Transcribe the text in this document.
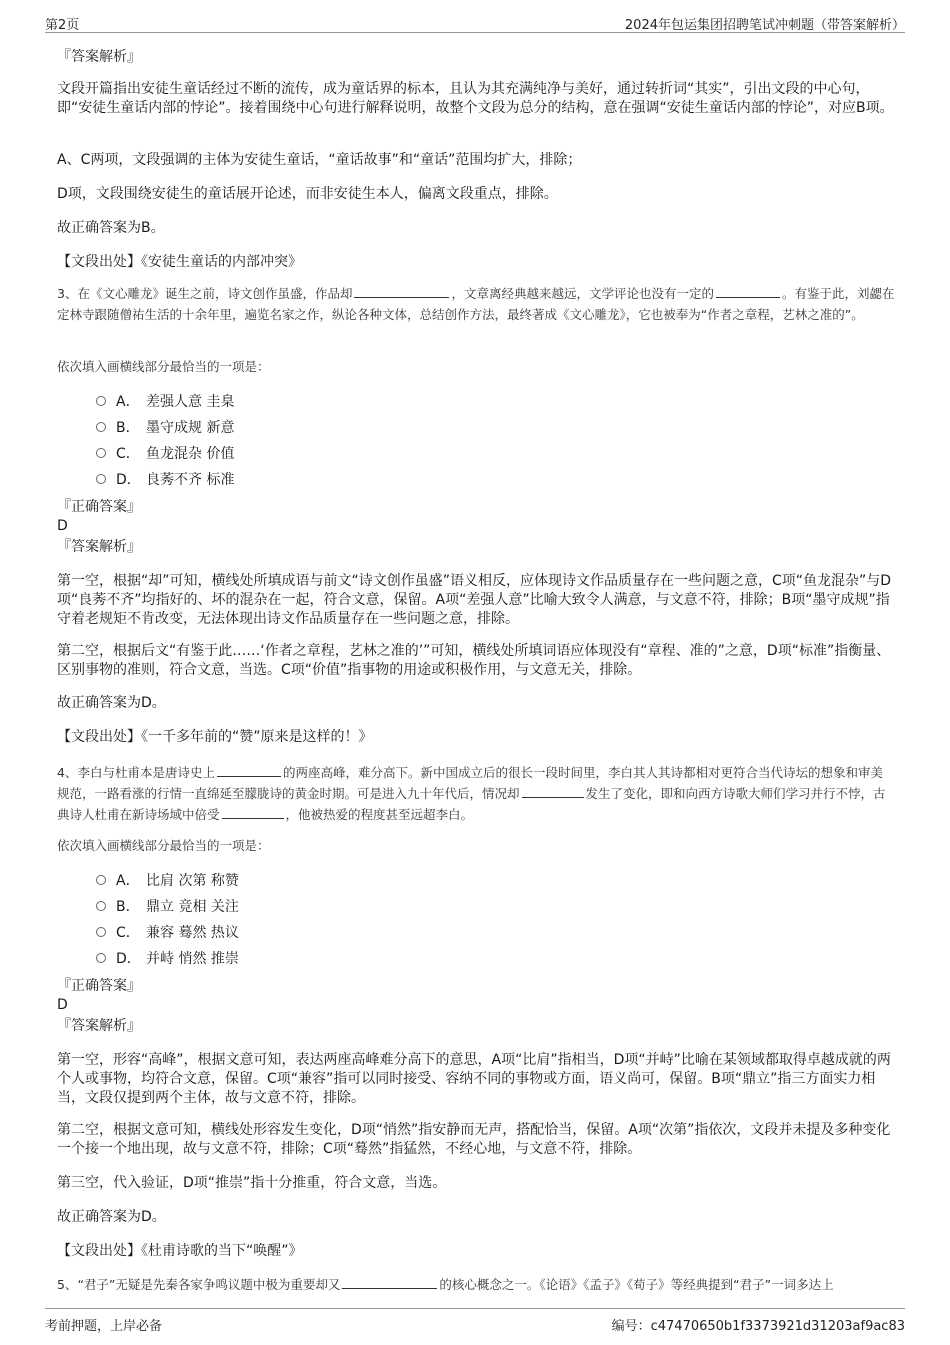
第2页	2024年包运集团招聘笔试冲刺题（带答案解析）
『答案解析』
文段开篇指出安徒生童话经过不断的流传，成为童话界的标本，且认为其充满纯净与美好，通过转折词“其实”，引出文段的中心句，即“安徒生童话内部的悖论”。接着围绕中心句进行解释说明，故整个文段为总分的结构，意在强调“安徒生童话内部的悖论”，对应B项。
A、C两项，文段强调的主体为安徒生童话，“童话故事”和“童话”范围均扩大，排除；
D项，文段围绕安徒生的童话展开论述，而非安徒生本人，偏离文段重点，排除。
故正确答案为B。
【文段出处】《安徒生童话的内部冲突》
3、在《文心雕龙》诞生之前，诗文创作虽盛，作品却	，文章离经典越来越远，文学评论也没有一定的	。有鉴于此，刘勰在定林寺跟随僧祐生活的十余年里，遍览名家之作，纵论各种文体，总结创作方法，最终著成《文心雕龙》，它也被奉为“作者之章程，艺林之准的”。
依次填入画横线部分最恰当的一项是：
A． 差强人意 圭臬
B． 墨守成规 新意
C． 鱼龙混杂 价值
D． 良莠不齐 标准
『正确答案』
D
『答案解析』
第一空，根据“却”可知，横线处所填成语与前文“诗文创作虽盛”语义相反，应体现诗文作品质量存在一些问题之意，C项“鱼龙混杂”与D项“良莠不齐”均指好的、坏的混杂在一起，符合文意，保留。A项“差强人意”比喻大致令人满意，与文意不符，排除；B项“墨守成规”指守着老规矩不肯改变，无法体现出诗文作品质量存在一些问题之意，排除。
第二空，根据后文“有鉴于此……‘作者之章程，艺林之准的’”可知，横线处所填词语应体现没有“章程、准的”之意，D项“标准”指衡量、区别事物的准则，符合文意，当选。C项“价值”指事物的用途或积极作用，与文意无关，排除。
故正确答案为D。
【文段出处】《一千多年前的“赞”原来是这样的！》
4、李白与杜甫本是唐诗史上	的两座高峰，难分高下。新中国成立后的很长一段时间里，李白其人其诗都相对更符合当代诗坛的想象和审美规范，一路看涨的行情一直绵延至朦胧诗的黄金时期。可是进入九十年代后，情况却	发生了变化，即和向西方诗歌大师们学习并行不悖，古典诗人杜甫在新诗场域中倍受	，他被热爱的程度甚至远超李白。
依次填入画横线部分最恰当的一项是：
A． 比肩 次第 称赞
B． 鼎立 竞相 关注
C． 兼容 蓦然 热议
D． 并峙 悄然 推崇
『正确答案』
D
『答案解析』
第一空，形容“高峰”，根据文意可知，表达两座高峰难分高下的意思，A项“比肩”指相当，D项“并峙”比喻在某领域都取得卓越成就的两个人或事物，均符合文意，保留。C项“兼容”指可以同时接受、容纳不同的事物或方面，语义尚可，保留。B项“鼎立”指三方面实力相当，文段仅提到两个主体，故与文意不符，排除。
第二空，根据文意可知，横线处形容发生变化，D项“悄然”指安静而无声，搭配恰当，保留。A项“次第”指依次，文段并未提及多种变化一个接一个地出现，故与文意不符，排除；C项“蓦然”指猛然，不经心地，与文意不符，排除。
第三空，代入验证，D项“推崇”指十分推重，符合文意，当选。
故正确答案为D。
【文段出处】《杜甫诗歌的当下“唤醒”》
5、“君子”无疑是先秦各家争鸣议题中极为重要却又	的核心概念之一。《论语》《孟子》《荀子》等经典提到“君子”一词多达上
考前押题，上岸必备	编号：c47470650b1f3373921d31203af9ac83
